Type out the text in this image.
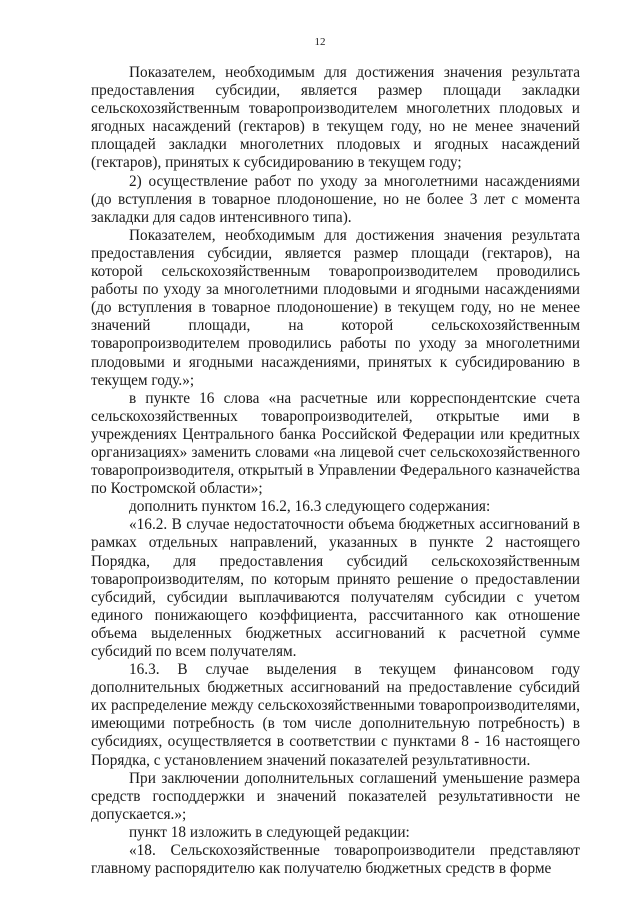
12

Показателем, необходимым для достижения значения результата предоставления субсидии, является размер площади закладки сельскохозяйственным товаропроизводителем многолетних плодовых и ягодных насаждений (гектаров) в текущем году, но не менее значений площадей закладки многолетних плодовых и ягодных насаждений (гектаров), принятых к субсидированию в текущем году;

2) осуществление работ по уходу за многолетними насаждениями (до вступления в товарное плодоношение, но не более 3 лет с момента закладки для садов интенсивного типа).

Показателем, необходимым для достижения значения результата предоставления субсидии, является размер площади (гектаров), на которой сельскохозяйственным товаропроизводителем проводились работы по уходу за многолетними плодовыми и ягодными насаждениями (до вступления в товарное плодоношение) в текущем году, но не менее значений площади, на которой сельскохозяйственным товаропроизводителем проводились работы по уходу за многолетними плодовыми и ягодными насаждениями, принятых к субсидированию в текущем году.»;

в пункте 16 слова «на расчетные или корреспондентские счета сельскохозяйственных товаропроизводителей, открытые ими в учреждениях Центрального банка Российской Федерации или кредитных организациях» заменить словами «на лицевой счет сельскохозяйственного товаропроизводителя, открытый в Управлении Федерального казначейства по Костромской области»;

дополнить пунктом 16.2, 16.3 следующего содержания:

«16.2. В случае недостаточности объема бюджетных ассигнований в рамках отдельных направлений, указанных в пункте 2 настоящего Порядка, для предоставления субсидий сельскохозяйственным товаропроизводителям, по которым принято решение о предоставлении субсидий, субсидии выплачиваются получателям субсидии с учетом единого понижающего коэффициента, рассчитанного как отношение объема выделенных бюджетных ассигнований к расчетной сумме субсидий по всем получателям.

16.3. В случае выделения в текущем финансовом году дополнительных бюджетных ассигнований на предоставление субсидий их распределение между сельскохозяйственными товаропроизводителями, имеющими потребность (в том числе дополнительную потребность) в субсидиях, осуществляется в соответствии с пунктами 8 - 16 настоящего Порядка, с установлением значений показателей результативности.

При заключении дополнительных соглашений уменьшение размера средств господдержки и значений показателей результативности не допускается.»;

пункт 18 изложить в следующей редакции:

«18. Сельскохозяйственные товаропроизводители представляют главному распорядителю как получателю бюджетных средств в форме
